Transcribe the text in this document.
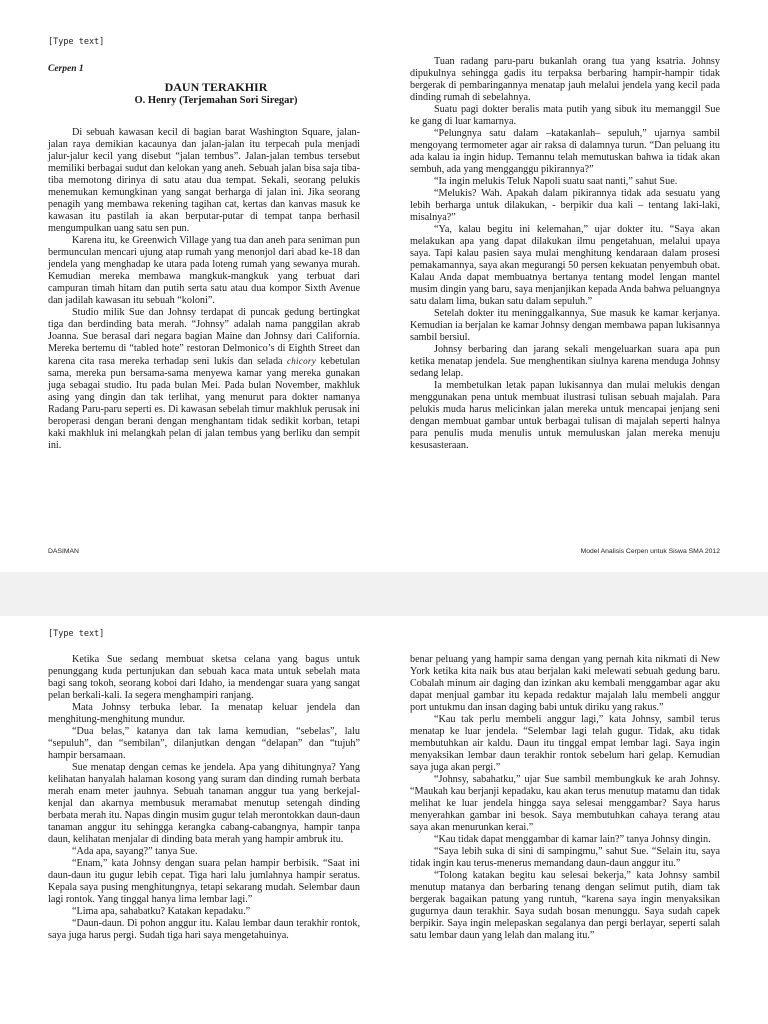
[Type text]
Cerpen 1

DAUN TERAKHIR

O. Henry (Terjemahan Sori Siregar)

Di sebuah kawasan kecil di bagian barat Washington Square, jalan-jalan raya demikian kacaunya dan jalan-jalan itu terpecah pula menjadi jalur-jalur kecil yang disebut “jalan tembus”. Jalan-jalan tembus tersebut memiliki berbagai sudut dan kelokan yang aneh. Sebuah jalan bisa saja tiba-tiba memotong dirinya di satu atau dua tempat. Sekali, seorang pelukis menemukan kemungkinan yang sangat berharga di jalan ini. Jika seorang penagih yang membawa rekening tagihan cat, kertas dan kanvas masuk ke kawasan itu pastilah ia akan berputar-putar di tempat tanpa berhasil mengumpulkan uang satu sen pun.

Karena itu, ke Greenwich Village yang tua dan aneh para seniman pun bermunculan mencari ujung atap rumah yang menonjol dari abad ke-18 dan jendela yang menghadap ke utara pada loteng rumah yang sewanya murah. Kemudian mereka membawa mangkuk-mangkuk yang terbuat dari campuran timah hitam dan putih serta satu atau dua kompor Sixth Avenue dan jadilah kawasan itu sebuah “koloni”.

Studio milik Sue dan Johnsy terdapat di puncak gedung bertingkat tiga dan berdinding bata merah. “Johnsy” adalah nama panggilan akrab Joanna. Sue berasal dari negara bagian Maine dan Johnsy dari California. Mereka bertemu di “tabled hote” restoran Delmonico’s di Eighth Street dan karena cita rasa mereka terhadap seni lukis dan selada chicory kebetulan sama, mereka pun bersama-sama menyewa kamar yang mereka gunakan juga sebagai studio. Itu pada bulan Mei. Pada bulan November, makhluk asing yang dingin dan tak terlihat, yang menurut para dokter namanya Radang Paru-paru seperti es. Di kawasan sebelah timur makhluk perusak ini beroperasi dengan berani dengan menghantam tidak sedikit korban, tetapi kaki makhluk ini melangkah pelan di jalan tembus yang berliku dan sempit ini.

Tuan radang paru-paru bukanlah orang tua yang ksatria. Johnsy dipukulnya sehingga gadis itu terpaksa berbaring hampir-hampir tidak bergerak di pembaringannya menatap jauh melalui jendela yang kecil pada dinding rumah di sebelahnya.

Suatu pagi dokter beralis mata putih yang sibuk itu memanggil Sue ke gang di luar kamarnya.

“Pelungnya satu dalam –katakanlah– sepuluh,” ujarnya sambil mengoyang termometer agar air raksa di dalamnya turun. “Dan peluang itu ada kalau ia ingin hidup. Temannu telah memutuskan bahwa ia tidak akan sembuh, ada yang mengganggu pikirannya?”

“Ia ingin melukis Teluk Napoli suatu saat nanti,” sahut Sue.

“Melukis? Wah. Apakah dalam pikirannya tidak ada sesuatu yang lebih berharga untuk dilakukan, - berpikir dua kali – tentang laki-laki, misalnya?”

“Ya, kalau begitu ini kelemahan,” ujar dokter itu. “Saya akan melakukan apa yang dapat dilakukan ilmu pengetahuan, melalui upaya saya. Tapi kalau pasien saya mulai menghitung kendaraan dalam prosesi pemakamannya, saya akan megurangi 50 persen kekuatan penyembuh obat. Kalau Anda dapat membuatnya bertanya tentang model lengan mantel musim dingin yang baru, saya menjanjikan kepada Anda bahwa peluangnya satu dalam lima, bukan satu dalam sepuluh.”

Setelah dokter itu meninggalkannya, Sue masuk ke kamar kerjanya. Kemudian ia berjalan ke kamar Johnsy dengan membawa papan lukisannya sambil bersiul.

Johnsy berbaring dan jarang sekali mengeluarkan suara apa pun ketika menatap jendela. Sue menghentikan siulnya karena menduga Johnsy sedang lelap.

Ia membetulkan letak papan lukisannya dan mulai melukis dengan menggunakan pena untuk membuat ilustrasi tulisan sebuah majalah. Para pelukis muda harus melicinkan jalan mereka untuk mencapai jenjang seni dengan membuat gambar untuk berbagai tulisan di majalah seperti halnya para penulis muda menulis untuk memuluskan jalan mereka menuju kesusasteraan.

DASIMAN	Model Analisis Cerpen untuk Siswa SMA 2012
[Type text]

Ketika Sue sedang membuat sketsa celana yang bagus untuk penunggang kuda pertunjukan dan sebuah kaca mata untuk sebelah mata bagi sang tokoh, seorang koboi dari Idaho, ia mendengar suara yang sangat pelan berkali-kali. Ia segera menghampiri ranjang.

Mata Johnsy terbuka lebar. Ia menatap keluar jendela dan menghitung-menghitung mundur.

“Dua belas,” katanya dan tak lama kemudian, “sebelas”, lalu “sepuluh”, dan “sembilan”, dilanjutkan dengan “delapan” dan “tujuh” hampir bersamaan.

Sue menatap dengan cemas ke jendela. Apa yang dihitungnya? Yang kelihatan hanyalah halaman kosong yang suram dan dinding rumah berbata merah enam meter jauhnya. Sebuah tanaman anggur tua yang berkejal-kenjal dan akarnya membusuk meramabat menutup setengah dinding berbata merah itu. Napas dingin musim gugur telah merontokkan daun-daun tanaman anggur itu sehingga kerangka cabang-cabangnya, hampir tanpa daun, kelihatan menjalar di dinding bata merah yang hampir ambruk itu.

“Ada apa, sayang?” tanya Sue.

“Enam,” kata Johnsy dengan suara pelan hampir berbisik. “Saat ini daun-daun itu gugur lebih cepat. Tiga hari lalu jumlahnya hampir seratus. Kepala saya pusing menghitungnya, tetapi sekarang mudah. Selembar daun lagi rontok. Yang tinggal hanya lima lembar lagi.”

“Lima apa, sahabatku? Katakan kepadaku.”

“Daun-daun. Di pohon anggur itu. Kalau lembar daun terakhir rontok, saya juga harus pergi. Sudah tiga hari saya mengetahuinya.

benar peluang yang hampir sama dengan yang pernah kita nikmati di New York ketika kita naik bus atau berjalan kaki melewati sebuah gedung baru. Cobalah minum air daging dan izinkan aku kembali menggambar agar aku dapat menjual gambar itu kepada redaktur majalah lalu membeli anggur port untukmu dan insan daging babi untuk diriku yang rakus.”

“Kau tak perlu membeli anggur lagi,” kata Johnsy, sambil terus menatap ke luar jendela. “Selembar lagi telah gugur. Tidak, aku tidak membutuhkan air kaldu. Daun itu tinggal empat lembar lagi. Saya ingin menyaksikan lembar daun terakhir rontok sebelum hari gelap. Kemudian saya juga akan pergi.”

“Johnsy, sabahatku,” ujar Sue sambil membungkuk ke arah Johnsy. “Maukah kau berjanji kepadaku, kau akan terus menutup matamu dan tidak melihat ke luar jendela hingga saya selesai menggambar? Saya harus menyerahkan gambar ini besok. Saya membutuhkan cahaya terang atau saya akan menurunkan kerai.”

“Kau tidak dapat menggambar di kamar lain?” tanya Johnsy dingin.

“Saya lebih suka di sini di sampingmu,” sahut Sue. “Selain itu, saya tidak ingin kau terus-menerus memandang daun-daun anggur itu.”

“Tolong katakan begitu kau selesai bekerja,” kata Johnsy sambil menutup matanya dan berbaring tenang dengan selimut putih, diam tak bergerak bagaikan patung yang runtuh, “karena saya ingin menyaksikan gugurnya daun terakhir. Saya sudah bosan menunggu. Saya sudah capek berpikir. Saya ingin melepaskan segalanya dan pergi berlayar, seperti salah satu lembar daun yang lelah dan malang itu.”
